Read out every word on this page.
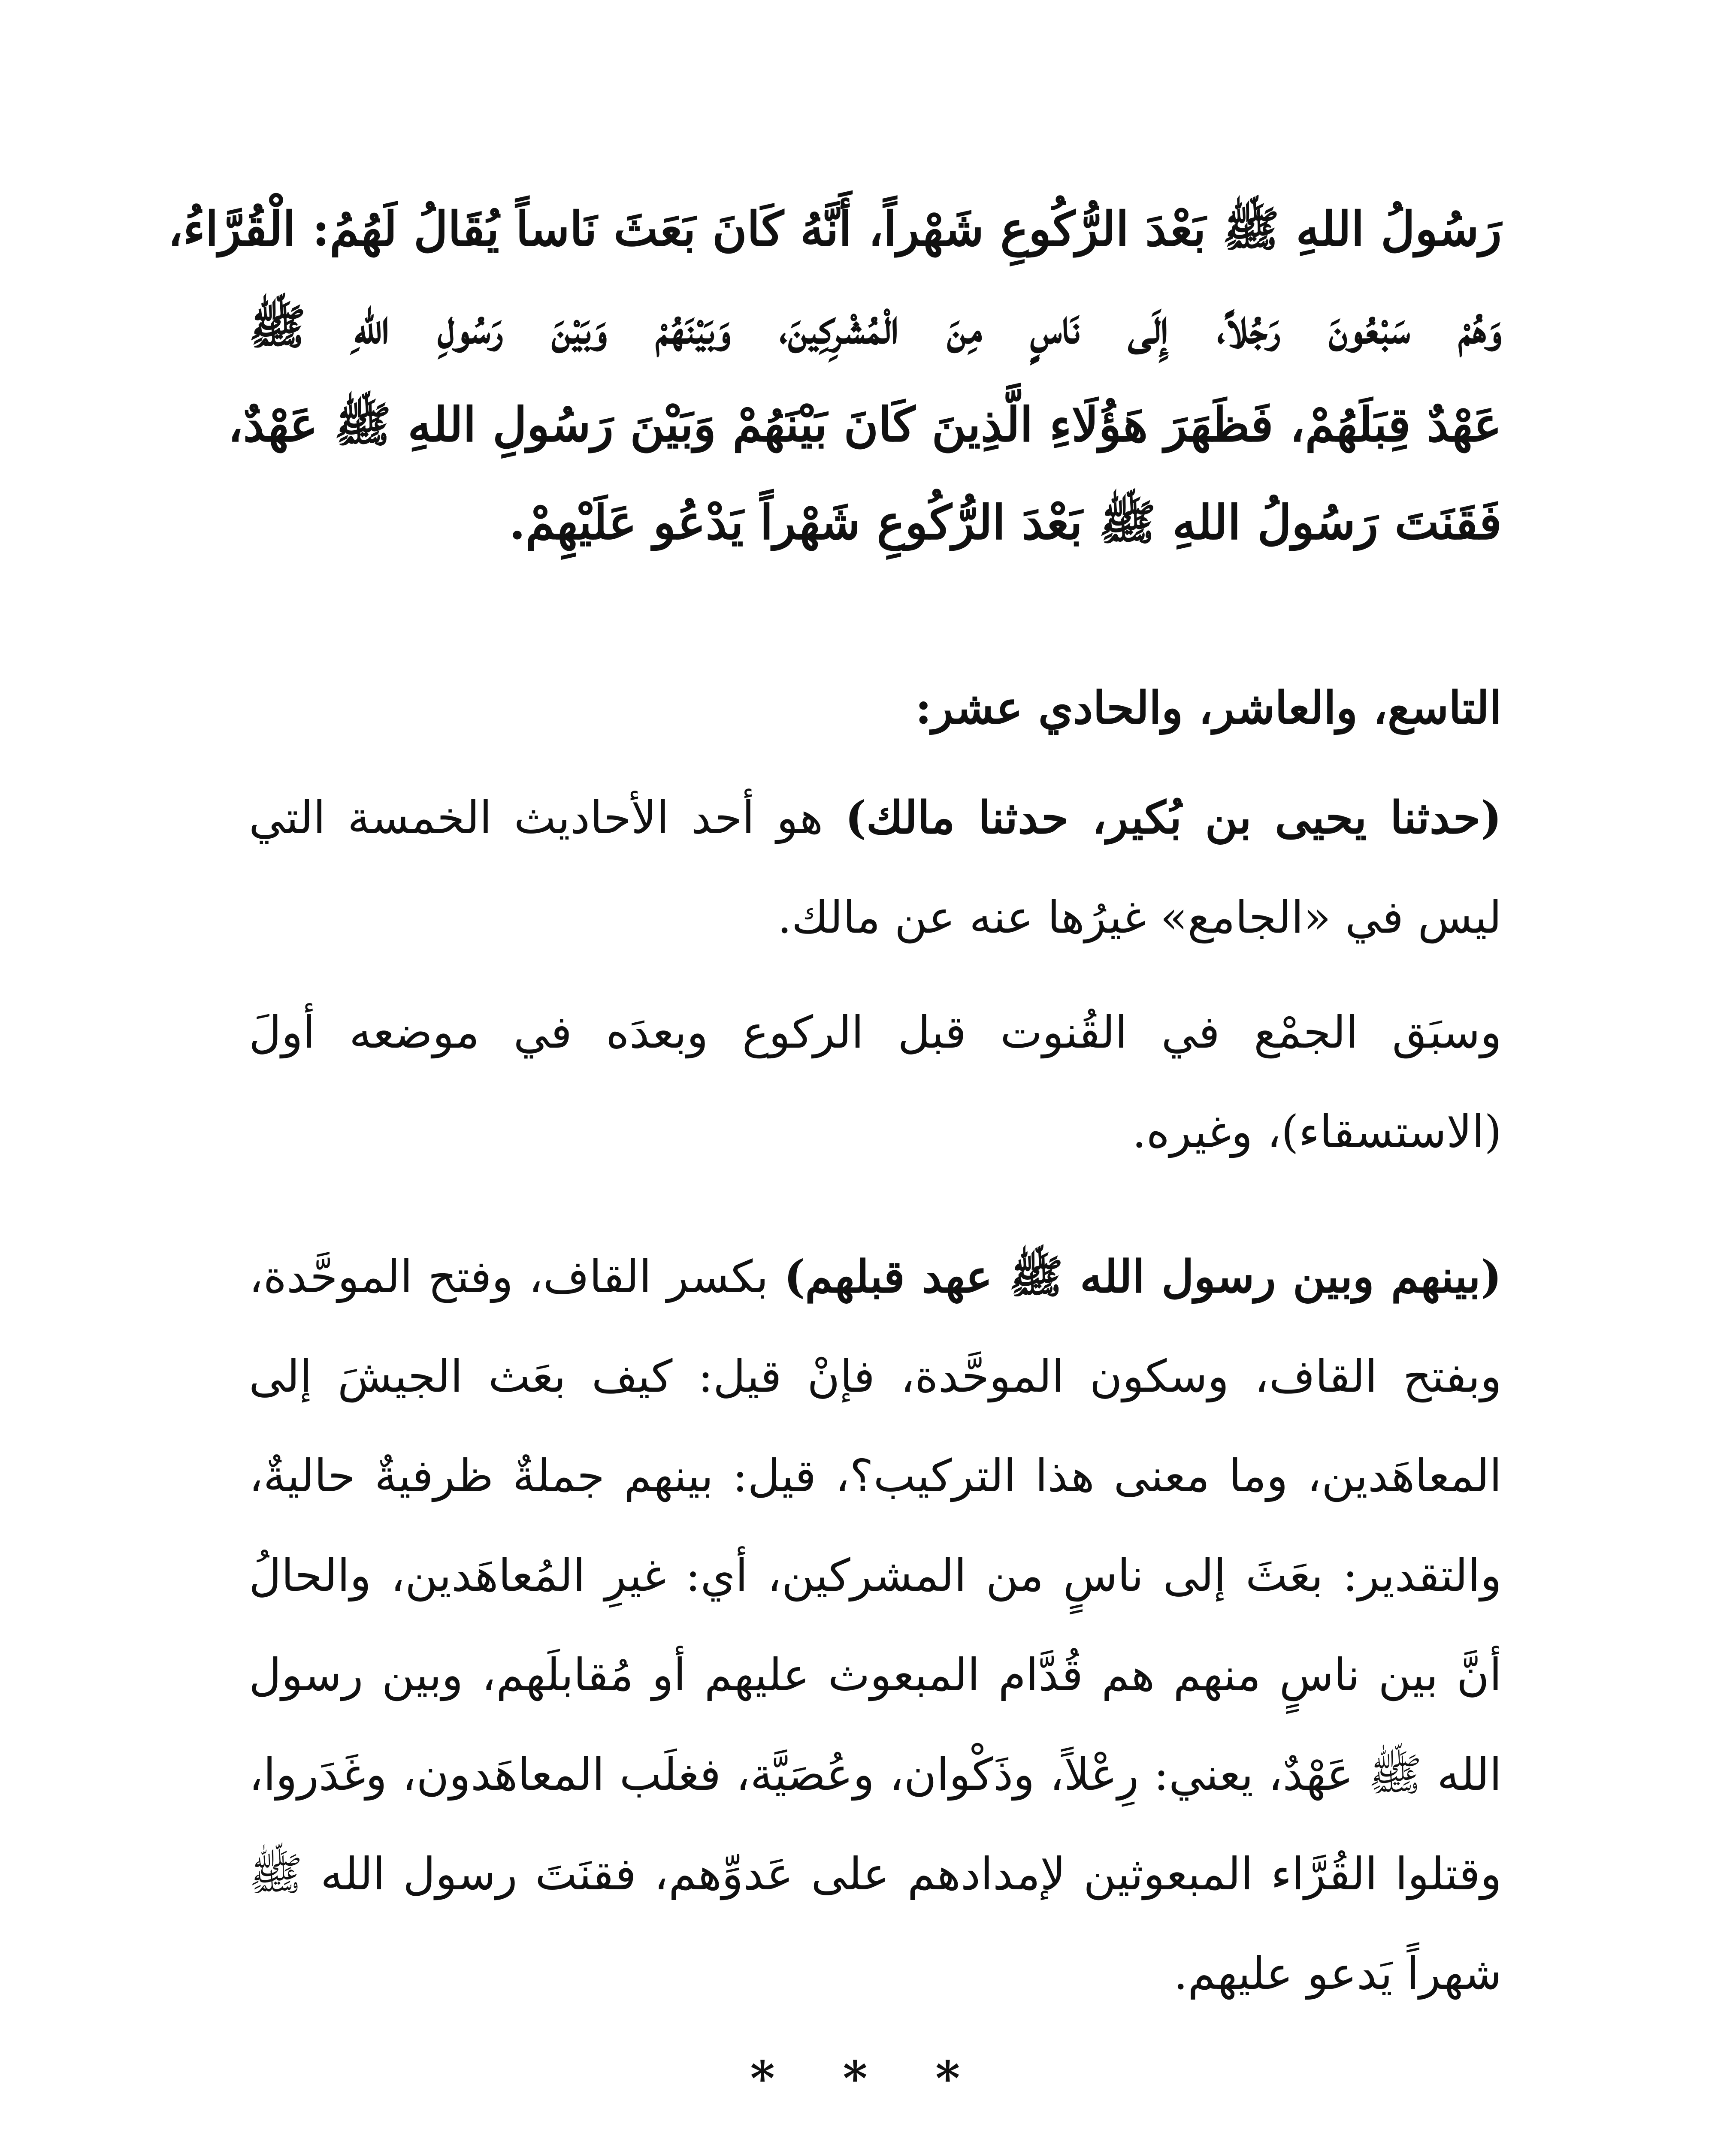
رَسُولُ اللهِ ﷺ بَعْدَ الرُّكُوعِ شَهْراً، أَنَّهُ كَانَ بَعَثَ نَاساً يُقَالُ لَهُمُ: الْقُرَّاءُ،
وَهُمْ سَبْعُونَ رَجُلاً، إِلَى نَاسٍ مِنَ الْمُشْرِكِينَ، وَبَيْنَهُمْ وَبَيْنَ رَسُولِ اللهِ ﷺ
عَهْدٌ قِبَلَهُمْ، فَظَهَرَ هَؤُلَاءِ الَّذِينَ كَانَ بَيْنَهُمْ وَبَيْنَ رَسُولِ اللهِ ﷺ عَهْدٌ،
فَقَنَتَ رَسُولُ اللهِ ﷺ بَعْدَ الرُّكُوعِ شَهْراً يَدْعُو عَلَيْهِمْ.
التاسع، والعاشر، والحادي عشر:
(حدثنا يحيى بن بُكير، حدثنا مالك) هو أحد الأحاديث الخمسة التي ليس في «الجامع» غيرُها عنه عن مالك.
وسبَق الجمْع في القُنوت قبل الركوع وبعدَه في موضعه أولَ (الاستسقاء)، وغيره.
(بينهم وبين رسول الله ﷺ عهد قبلهم) بكسر القاف، وفتح الموحَّدة، وبفتح القاف، وسكون الموحَّدة، فإنْ قيل: كيف بعَث الجيشَ إلى المعاهَدين، وما معنى هذا التركيب؟، قيل: بينهم جملةٌ ظرفيةٌ حاليةٌ، والتقدير: بعَثَ إلى ناسٍ من المشركين، أي: غيرِ المُعاهَدين، والحالُ أنَّ بين ناسٍ منهم هم قُدَّام المبعوث عليهم أو مُقابلَهم، وبين رسول الله ﷺ عَهْدٌ، يعني: رِعْلاً، وذَكْوان، وعُصَيَّة، فغلَب المعاهَدون، وغَدَروا، وقتلوا القُرَّاء المبعوثين لإمدادهم على عَدوِّهم، فقنَتَ رسول الله ﷺ شهراً يَدعو عليهم.
* * *
